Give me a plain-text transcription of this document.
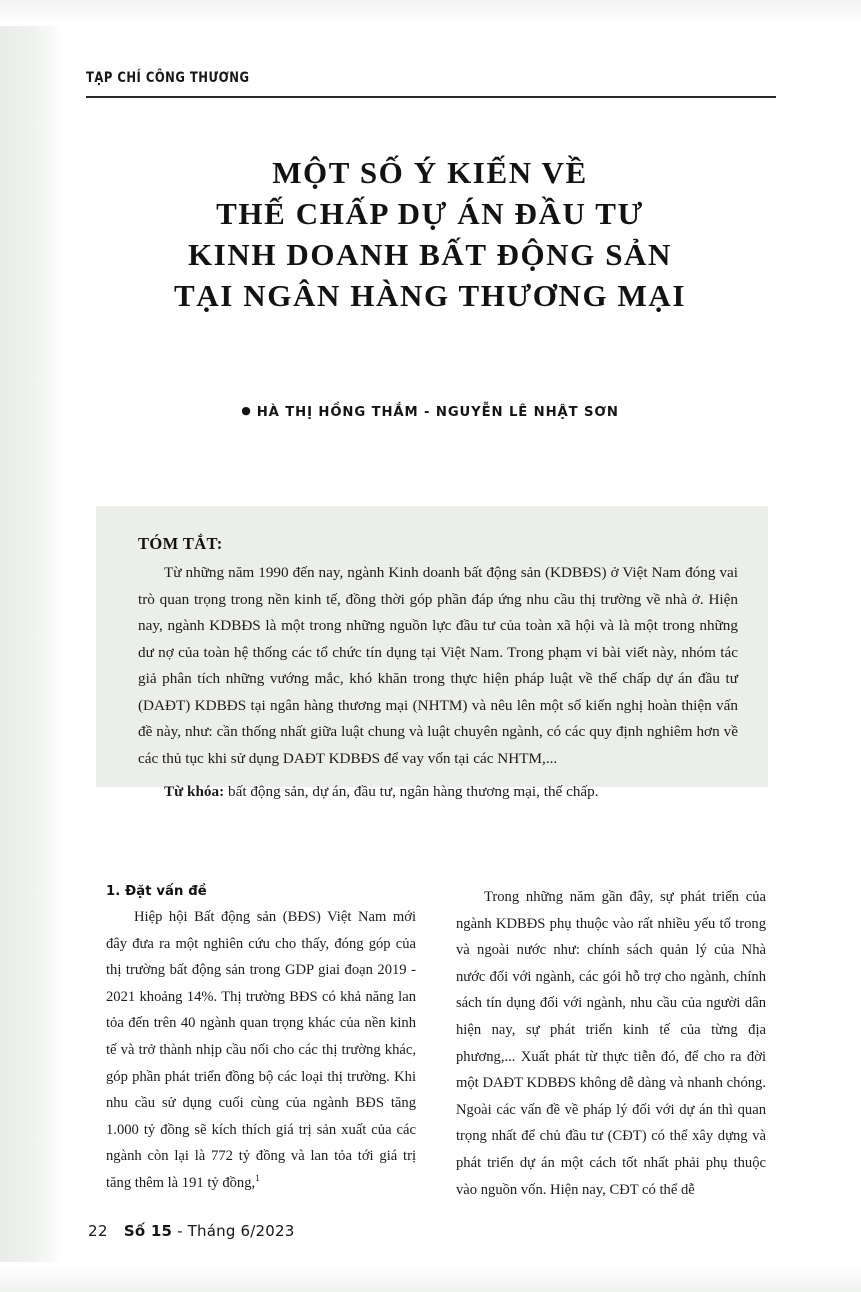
TẠP CHÍ CÔNG THƯƠNG
MỘT SỐ Ý KIẾN VỀ
THẾ CHẤP DỰ ÁN ĐẦU TƯ
KINH DOANH BẤT ĐỘNG SẢN
TẠI NGÂN HÀNG THƯƠNG MẠI
● HÀ THỊ HỒNG THẮM - NGUYỄN LÊ NHẬT SƠN
TÓM TẮT:

Từ những năm 1990 đến nay, ngành Kinh doanh bất động sản (KDBĐS) ở Việt Nam đóng vai trò quan trọng trong nền kinh tế, đồng thời góp phần đáp ứng nhu cầu thị trường về nhà ở. Hiện nay, ngành KDBĐS là một trong những nguồn lực đầu tư của toàn xã hội và là một trong những dư nợ của toàn hệ thống các tổ chức tín dụng tại Việt Nam. Trong phạm vi bài viết này, nhóm tác giả phân tích những vướng mắc, khó khăn trong thực hiện pháp luật về thế chấp dự án đầu tư (DAĐT) KDBĐS tại ngân hàng thương mại (NHTM) và nêu lên một số kiến nghị hoàn thiện vấn đề này, như: cần thống nhất giữa luật chung và luật chuyên ngành, có các quy định nghiêm hơn về các thủ tục khi sử dụng DAĐT KDBĐS để vay vốn tại các NHTM,...

Từ khóa: bất động sản, dự án, đầu tư, ngân hàng thương mại, thế chấp.

1. Đặt vấn đề

Hiệp hội Bất động sản (BĐS) Việt Nam mới đây đưa ra một nghiên cứu cho thấy, đóng góp của thị trường bất động sản trong GDP giai đoạn 2019 - 2021 khoảng 14%. Thị trường BĐS có khả năng lan tỏa đến trên 40 ngành quan trọng khác của nền kinh tế và trở thành nhịp cầu nối cho các thị trường khác, góp phần phát triển đồng bộ các loại thị trường. Khi nhu cầu sử dụng cuối cùng của ngành BĐS tăng 1.000 tỷ đồng sẽ kích thích giá trị sản xuất của các ngành còn lại là 772 tỷ đồng và lan tỏa tới giá trị tăng thêm là 191 tỷ đồng,$^1$

Trong những năm gần đây, sự phát triển của ngành KDBĐS phụ thuộc vào rất nhiều yếu tố trong và ngoài nước như: chính sách quản lý của Nhà nước đối với ngành, các gói hỗ trợ cho ngành, chính sách tín dụng đối với ngành, nhu cầu của người dân hiện nay, sự phát triển kinh tế của từng địa phương,... Xuất phát từ thực tiễn đó, để cho ra đời một DAĐT KDBĐS không dễ dàng và nhanh chóng. Ngoài các vấn đề về pháp lý đối với dự án thì quan trọng nhất để chủ đầu tư (CĐT) có thể xây dựng và phát triển dự án một cách tốt nhất phải phụ thuộc vào nguồn vốn. Hiện nay, CĐT có thể dễ

22 Số 15 - Tháng 6/2023
